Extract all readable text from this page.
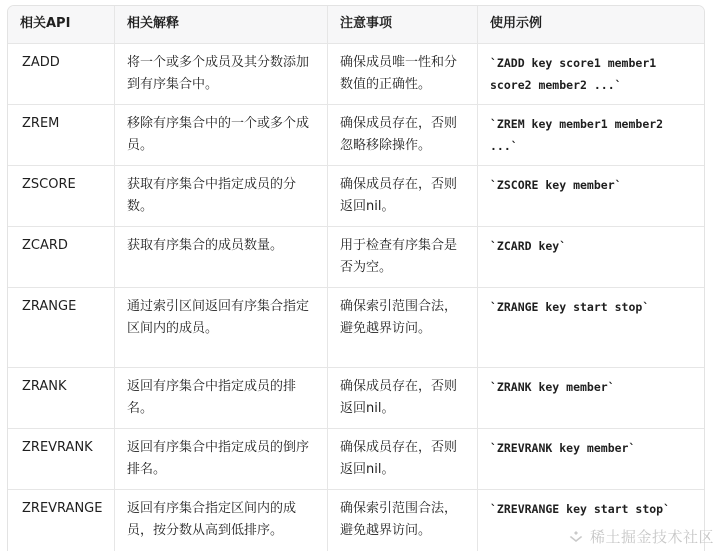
相关API	相关解释	注意事项	使用示例
ZADD	将一个或多个成员及其分数添加到有序集合中。	确保成员唯一性和分数值的正确性。	`ZADD key score1 member1 score2 member2 ...`
ZREM	移除有序集合中的一个或多个成员。	确保成员存在，否则忽略移除操作。	`ZREM key member1 member2 ...`
ZSCORE	获取有序集合中指定成员的分数。	确保成员存在，否则返回nil。	`ZSCORE key member`
ZCARD	获取有序集合的成员数量。	用于检查有序集合是否为空。	`ZCARD key`
ZRANGE	通过索引区间返回有序集合指定区间内的成员。	确保索引范围合法，避免越界访问。	`ZRANGE key start stop`
ZRANK	返回有序集合中指定成员的排名。	确保成员存在，否则返回nil。	`ZRANK key member`
ZREVRANK	返回有序集合中指定成员的倒序排名。	确保成员存在，否则返回nil。	`ZREVRANK key member`
ZREVRANGE	返回有序集合指定区间内的成员，按分数从高到低排序。	确保索引范围合法，避免越界访问。	`ZREVRANGE key start stop`
稀土掘金技术社区
